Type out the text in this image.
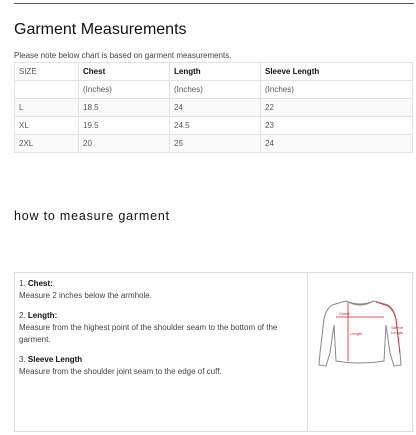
Garment Measurements
Please note below chart is based on garment measurements.
SIZE	Chest	Length	Sleeve Length
	(Inches)	(Inches)	(Inches)
L	18.5	24	22
XL	19.5	24.5	23
2XL	20	25	24
how to measure garment
1. Chest:
Measure 2 inches below the armhole.
2. Length:
Measure from the highest point of the shoulder seam to the bottom of the garment.
3. Sleeve Length
Measure from the shoulder joint seam to the edge of cuff.
Chest
Length
Sleeve
Length
